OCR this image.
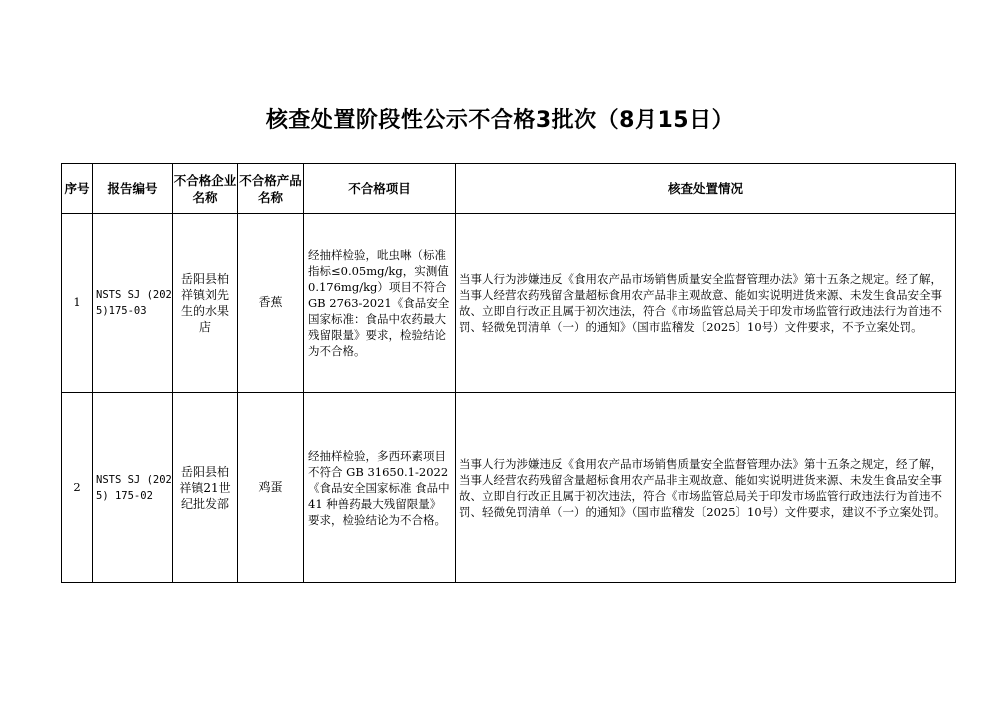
核查处置阶段性公示不合格3批次（8月15日）
序号	报告编号	不合格企业名称	不合格产品名称	不合格项目	核查处置情况
1	NSTS SJ (2025)175-03	岳阳县柏祥镇刘先生的水果店	香蕉	经抽样检验，吡虫啉（标准指标≤0.05mg/kg，实测值0.176mg/kg）项目不符合GB 2763-2021《食品安全国家标准：食品中农药最大残留限量》要求，检验结论为不合格。	当事人行为涉嫌违反《食用农产品市场销售质量安全监督管理办法》第十五条之规定。经了解，当事人经营农药残留含量超标食用农产品非主观故意、能如实说明进货来源、未发生食品安全事故、立即自行改正且属于初次违法，符合《市场监管总局关于印发市场监管行政违法行为首违不罚、轻微免罚清单（一）的通知》（国市监稽发〔2025〕10号）文件要求，不予立案处罚。
2	NSTS SJ (2025) 175-02	岳阳县柏祥镇21世纪批发部	鸡蛋	经抽样检验，多西环素项目不符合 GB 31650.1-2022《食品安全国家标准 食品中 41 种兽药最大残留限量》要求，检验结论为不合格。	当事人行为涉嫌违反《食用农产品市场销售质量安全监督管理办法》第十五条之规定，经了解，当事人经营农药残留含量超标食用农产品非主观故意、能如实说明进货来源、未发生食品安全事故、立即自行改正且属于初次违法，符合《市场监管总局关于印发市场监管行政违法行为首违不罚、轻微免罚清单（一）的通知》（国市监稽发〔2025〕10号）文件要求，建议不予立案处罚。
